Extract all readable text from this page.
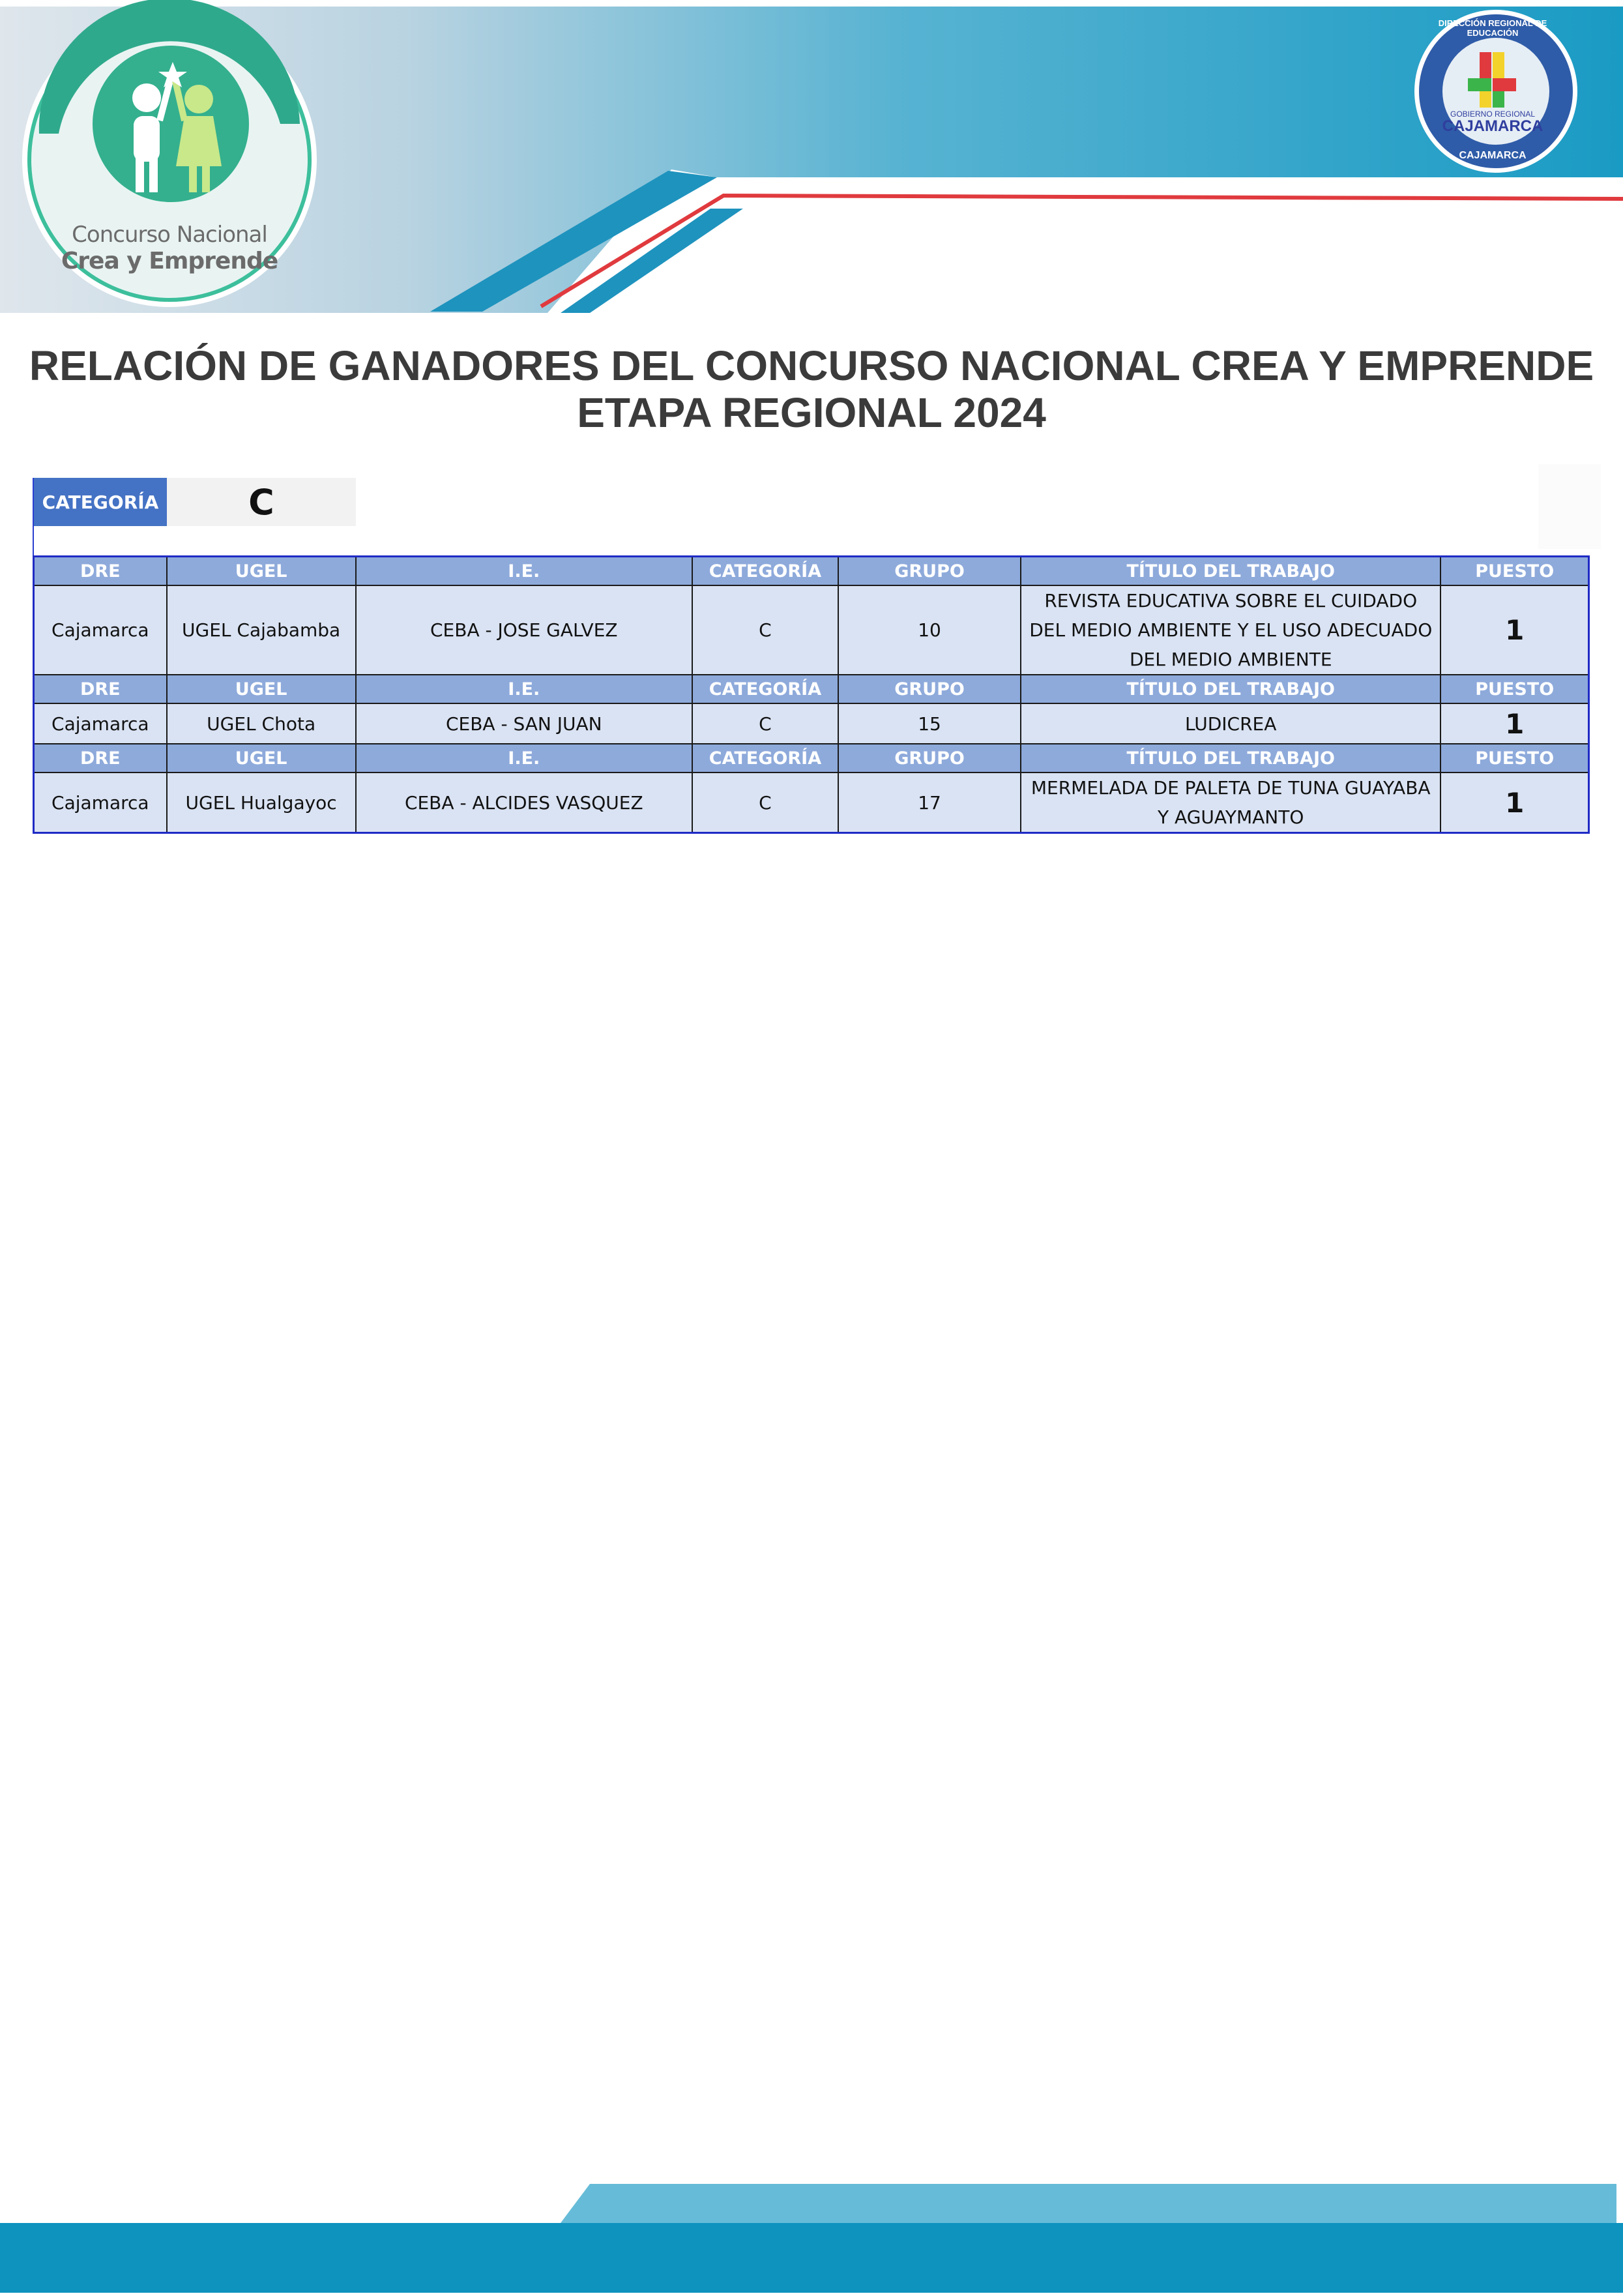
Concurso Nacional
Crea y Emprende
DIRECCIÓN REGIONAL DE EDUCACIÓN
GOBIERNO REGIONAL
CAJAMARCA
CAJAMARCA
RELACIÓN DE GANADORES DEL CONCURSO NACIONAL CREA Y EMPRENDE
ETAPA REGIONAL 2024
CATEGORÍA	C
DRE	UGEL	I.E.	CATEGORÍA	GRUPO	TÍTULO DEL TRABAJO	PUESTO
Cajamarca	UGEL Cajabamba	CEBA - JOSE GALVEZ	C	10	REVISTA EDUCATIVA SOBRE EL CUIDADO DEL MEDIO AMBIENTE Y EL USO ADECUADO DEL MEDIO AMBIENTE	1
DRE	UGEL	I.E.	CATEGORÍA	GRUPO	TÍTULO DEL TRABAJO	PUESTO
Cajamarca	UGEL Chota	CEBA - SAN JUAN	C	15	LUDICREA	1
DRE	UGEL	I.E.	CATEGORÍA	GRUPO	TÍTULO DEL TRABAJO	PUESTO
Cajamarca	UGEL Hualgayoc	CEBA - ALCIDES VASQUEZ	C	17	MERMELADA DE PALETA DE TUNA GUAYABA Y AGUAYMANTO	1
